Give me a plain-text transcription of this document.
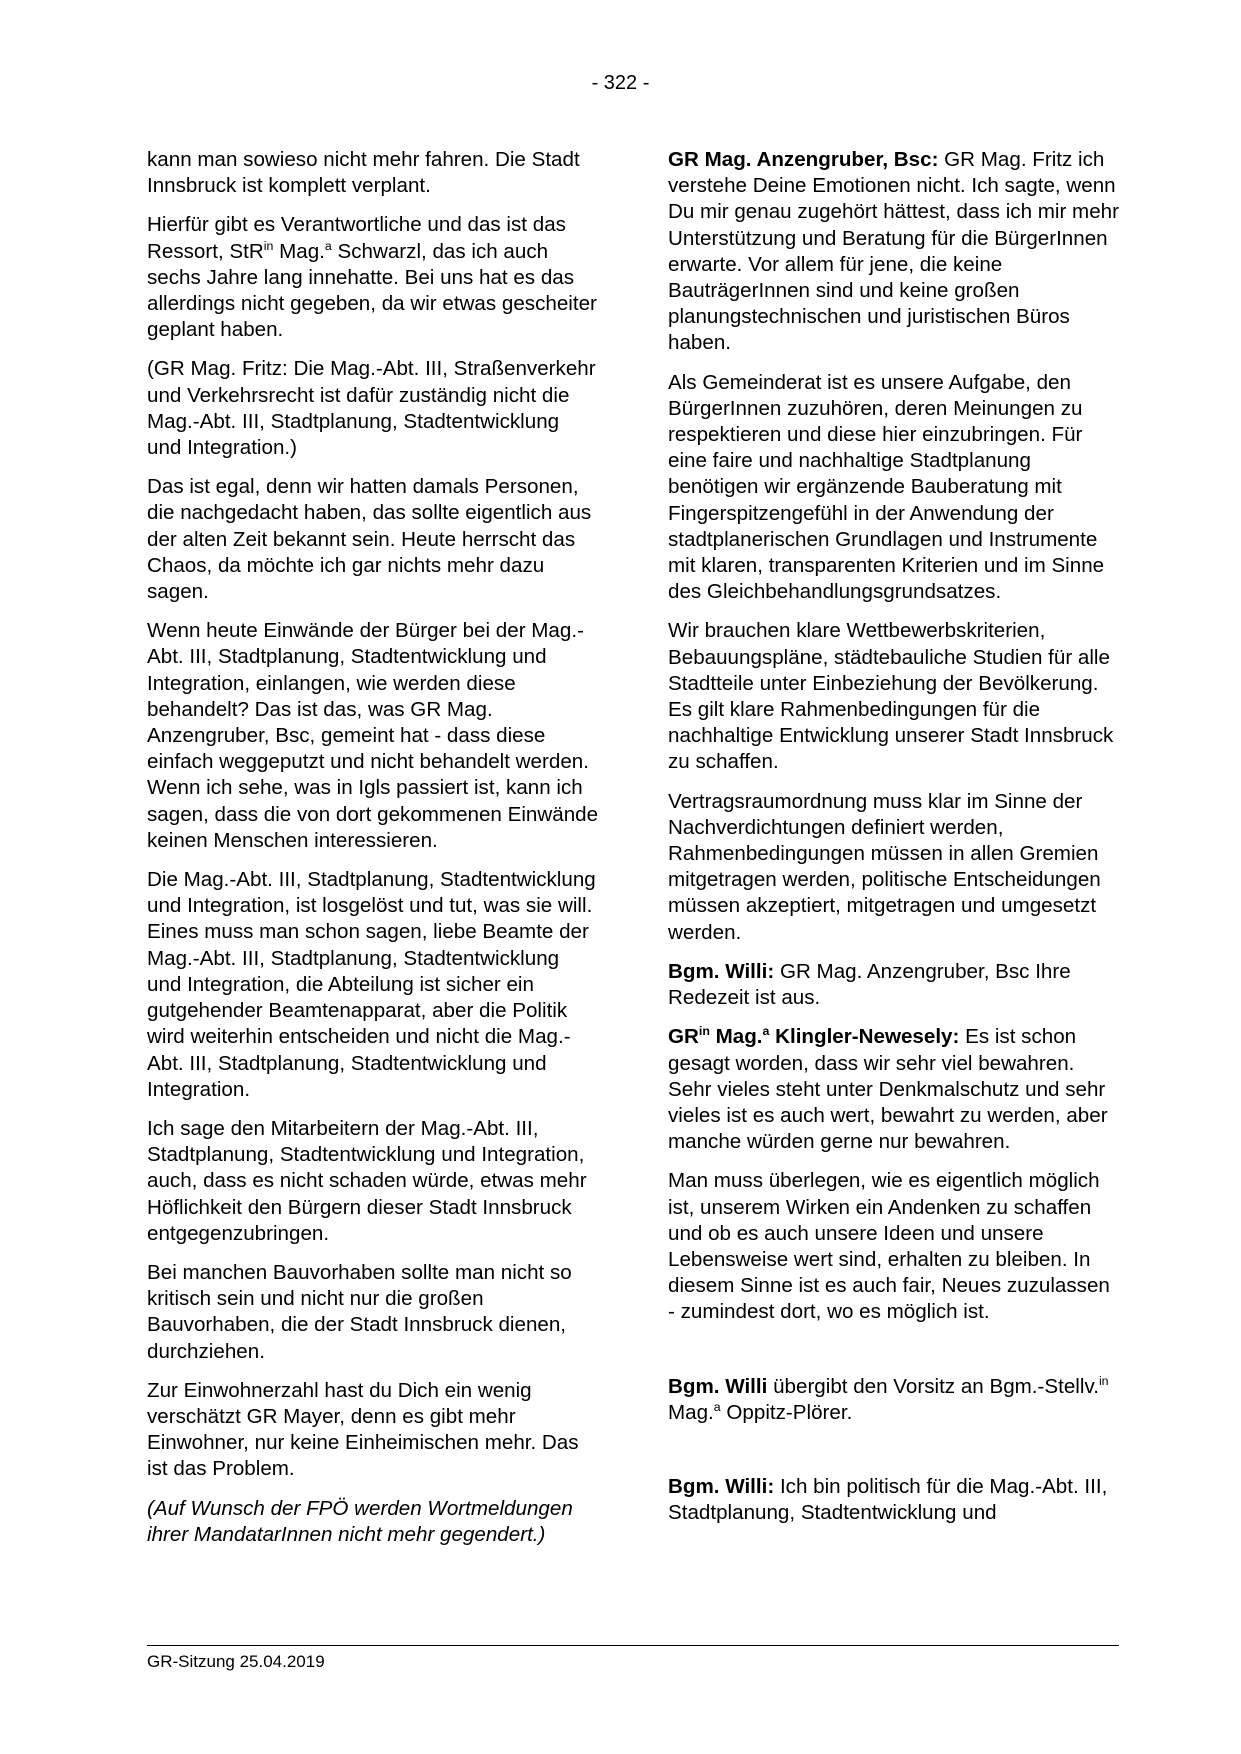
- 322 -

kann man sowieso nicht mehr fahren. Die Stadt Innsbruck ist komplett verplant.

Hierfür gibt es Verantwortliche und das ist das Ressort, StR$^{in}$ Mag.$^a$ Schwarzl, das ich auch sechs Jahre lang innehatte. Bei uns hat es das allerdings nicht gegeben, da wir etwas gescheiter geplant haben.

(GR Mag. Fritz: Die Mag.-Abt. III, Straßenverkehr und Verkehrsrecht ist dafür zuständig nicht die Mag.-Abt. III, Stadtplanung, Stadtentwicklung und Integration.)

Das ist egal, denn wir hatten damals Personen, die nachgedacht haben, das sollte eigentlich aus der alten Zeit bekannt sein. Heute herrscht das Chaos, da möchte ich gar nichts mehr dazu sagen.

Wenn heute Einwände der Bürger bei der Mag.-Abt. III, Stadtplanung, Stadtentwicklung und Integration, einlangen, wie werden diese behandelt? Das ist das, was GR Mag. Anzengruber, Bsc, gemeint hat - dass diese einfach weggeputzt und nicht behandelt werden. Wenn ich sehe, was in Igls passiert ist, kann ich sagen, dass die von dort gekommenen Einwände keinen Menschen interessieren.

Die Mag.-Abt. III, Stadtplanung, Stadtentwicklung und Integration, ist losgelöst und tut, was sie will. Eines muss man schon sagen, liebe Beamte der Mag.-Abt. III, Stadtplanung, Stadtentwicklung und Integration, die Abteilung ist sicher ein gutgehender Beamtenapparat, aber die Politik wird weiterhin entscheiden und nicht die Mag.-Abt. III, Stadtplanung, Stadtentwicklung und Integration.

Ich sage den Mitarbeitern der Mag.-Abt. III, Stadtplanung, Stadtentwicklung und Integration, auch, dass es nicht schaden würde, etwas mehr Höflichkeit den Bürgern dieser Stadt Innsbruck entgegenzubringen.

Bei manchen Bauvorhaben sollte man nicht so kritisch sein und nicht nur die großen Bauvorhaben, die der Stadt Innsbruck dienen, durchziehen.

Zur Einwohnerzahl hast du Dich ein wenig verschätzt GR Mayer, denn es gibt mehr Einwohner, nur keine Einheimischen mehr. Das ist das Problem.

(Auf Wunsch der FPÖ werden Wortmeldungen ihrer MandatarInnen nicht mehr gegendert.)

GR Mag. Anzengruber, Bsc: GR Mag. Fritz ich verstehe Deine Emotionen nicht. Ich sagte, wenn Du mir genau zugehört hättest, dass ich mir mehr Unterstützung und Beratung für die BürgerInnen erwarte. Vor allem für jene, die keine BauträgerInnen sind und keine großen planungstechnischen und juristischen Büros haben.

Als Gemeinderat ist es unsere Aufgabe, den BürgerInnen zuzuhören, deren Meinungen zu respektieren und diese hier einzubringen. Für eine faire und nachhaltige Stadtplanung benötigen wir ergänzende Bauberatung mit Fingerspitzengefühl in der Anwendung der stadtplanerischen Grundlagen und Instrumente mit klaren, transparenten Kriterien und im Sinne des Gleichbehandlungsgrundsatzes.

Wir brauchen klare Wettbewerbskriterien, Bebauungspläne, städtebauliche Studien für alle Stadtteile unter Einbeziehung der Bevölkerung. Es gilt klare Rahmenbedingungen für die nachhaltige Entwicklung unserer Stadt Innsbruck zu schaffen.

Vertragsraumordnung muss klar im Sinne der Nachverdichtungen definiert werden, Rahmenbedingungen müssen in allen Gremien mitgetragen werden, politische Entscheidungen müssen akzeptiert, mitgetragen und umgesetzt werden.

Bgm. Willi: GR Mag. Anzengruber, Bsc Ihre Redezeit ist aus.

$GR^{in}$ Mag.$^a$ Klingler-Newesely: Es ist schon gesagt worden, dass wir sehr viel bewahren. Sehr vieles steht unter Denkmalschutz und sehr vieles ist es auch wert, bewahrt zu werden, aber manche würden gerne nur bewahren.

Man muss überlegen, wie es eigentlich möglich ist, unserem Wirken ein Andenken zu schaffen und ob es auch unsere Ideen und unsere Lebensweise wert sind, erhalten zu bleiben. In diesem Sinne ist es auch fair, Neues zuzulassen - zumindest dort, wo es möglich ist.

Bgm. Willi übergibt den Vorsitz an Bgm.-Stellv.$^{in}$ Mag.$^a$ Oppitz-Plörer.

Bgm. Willi: Ich bin politisch für die Mag.-Abt. III, Stadtplanung, Stadtentwicklung und

GR-Sitzung 25.04.2019
